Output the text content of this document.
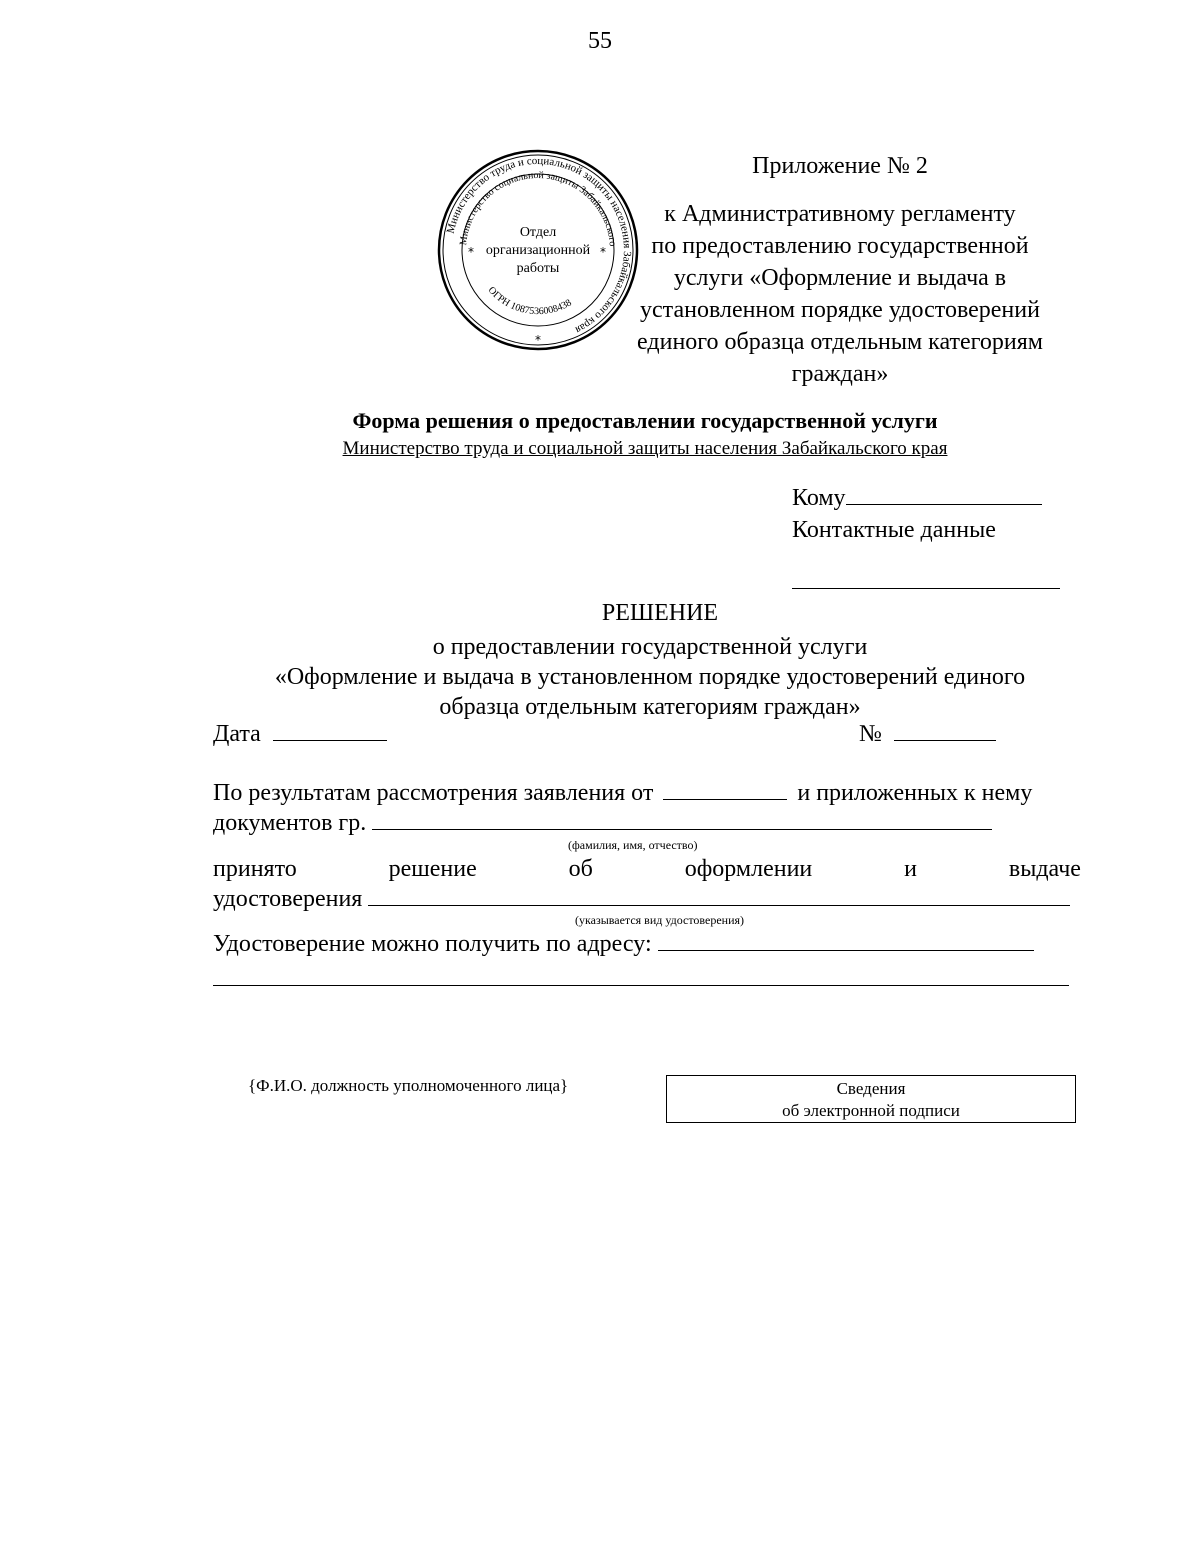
55
Министерство труда и социальной защиты населения Забайкальского края
Министерство социальной защиты Забайкальского
ОГРН 1087536008438
*	*
*
Отдел
организационной
работы
Приложение № 2
к Административному регламенту
по предоставлению государственной
услуги «Оформление и выдача в
установленном порядке удостоверений
единого образца отдельным категориям
граждан»
Форма решения о предоставлении государственной услуги
Министерство труда и социальной защиты населения Забайкальского края
Кому
Контактные данные
РЕШЕНИЕ
о предоставлении государственной услуги
«Оформление и выдача в установленном порядке удостоверений единого
образца отдельным категориям граждан»
Дата	№
По результатам рассмотрения заявления от	и приложенных к нему
документов гр.
(фамилия, имя, отчество)
принято	решение	об	оформлении	и	выдаче
удостоверения
(указывается вид удостоверения)
Удостоверение можно получить по адресу:
{Ф.И.О. должность уполномоченного лица}	Сведения
об электронной подписи
